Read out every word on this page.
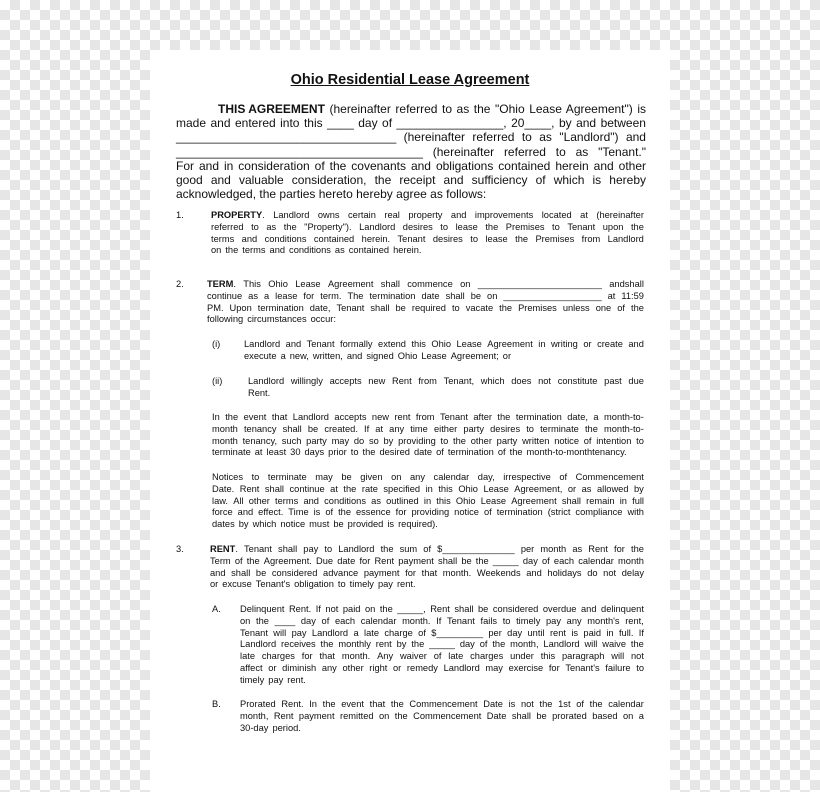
Ohio Residential Lease Agreement
THIS AGREEMENT (hereinafter referred to as the "Ohio Lease Agreement") is
made and entered into this ____ day of ________________, 20____, by and between
_________________________________ (hereinafter referred to as "Landlord") and
_____________________________________ (hereinafter referred to as "Tenant."
For and in consideration of the covenants and obligations contained herein and other
good and valuable consideration, the receipt and sufficiency of which is hereby
acknowledged, the parties hereto hereby agree as follows:
1.	PROPERTY. Landlord owns certain real property and improvements located at (hereinafter
referred to as the "Property"). Landlord desires to lease the Premises to Tenant upon the
terms and conditions contained herein. Tenant desires to lease the Premises from Landlord
on the terms and conditions as contained herein.
2. TERM. This Ohio Lease Agreement shall commence on ________________________ andshall
continue as a lease for term. The termination date shall be on ___________________ at 11:59
PM. Upon termination date, Tenant shall be required to vacate the Premises unless one of the
following circumstances occur:
(i)	Landlord and Tenant formally extend this Ohio Lease Agreement in writing or create and
execute a new, written, and signed Ohio Lease Agreement; or
(ii)	Landlord willingly accepts new Rent from Tenant, which does not constitute past due
Rent.
In the event that Landlord accepts new rent from Tenant after the termination date, a month-to-
month tenancy shall be created. If at any time either party desires to terminate the month-to-
month tenancy, such party may do so by providing to the other party written notice of intention to
terminate at least 30 days prior to the desired date of termination of the month-to-monthtenancy.
Notices to terminate may be given on any calendar day, irrespective of Commencement
Date. Rent shall continue at the rate specified in this Ohio Lease Agreement, or as allowed by
law. All other terms and conditions as outlined in this Ohio Lease Agreement shall remain in full
force and effect. Time is of the essence for providing notice of termination (strict compliance with
dates by which notice must be provided is required).
3.	RENT. Tenant shall pay to Landlord the sum of $______________ per month as Rent for the
Term of the Agreement. Due date for Rent payment shall be the _____ day of each calendar month
and shall be considered advance payment for that month. Weekends and holidays do not delay
or excuse Tenant's obligation to timely pay rent.
A. Delinquent Rent. If not paid on the _____, Rent shall be considered overdue and delinquent
on the ____ day of each calendar month. If Tenant fails to timely pay any month's rent,
Tenant will pay Landlord a late charge of $_________ per day until rent is paid in full. If
Landlord receives the monthly rent by the _____ day of the month, Landlord will waive the
late charges for that month. Any waiver of late charges under this paragraph will not
affect or diminish any other right or remedy Landlord may exercise for Tenant's failure to
timely pay rent.
B. Prorated Rent. In the event that the Commencement Date is not the 1st of the calendar
month, Rent payment remitted on the Commencement Date shall be prorated based on a
30-day period.
